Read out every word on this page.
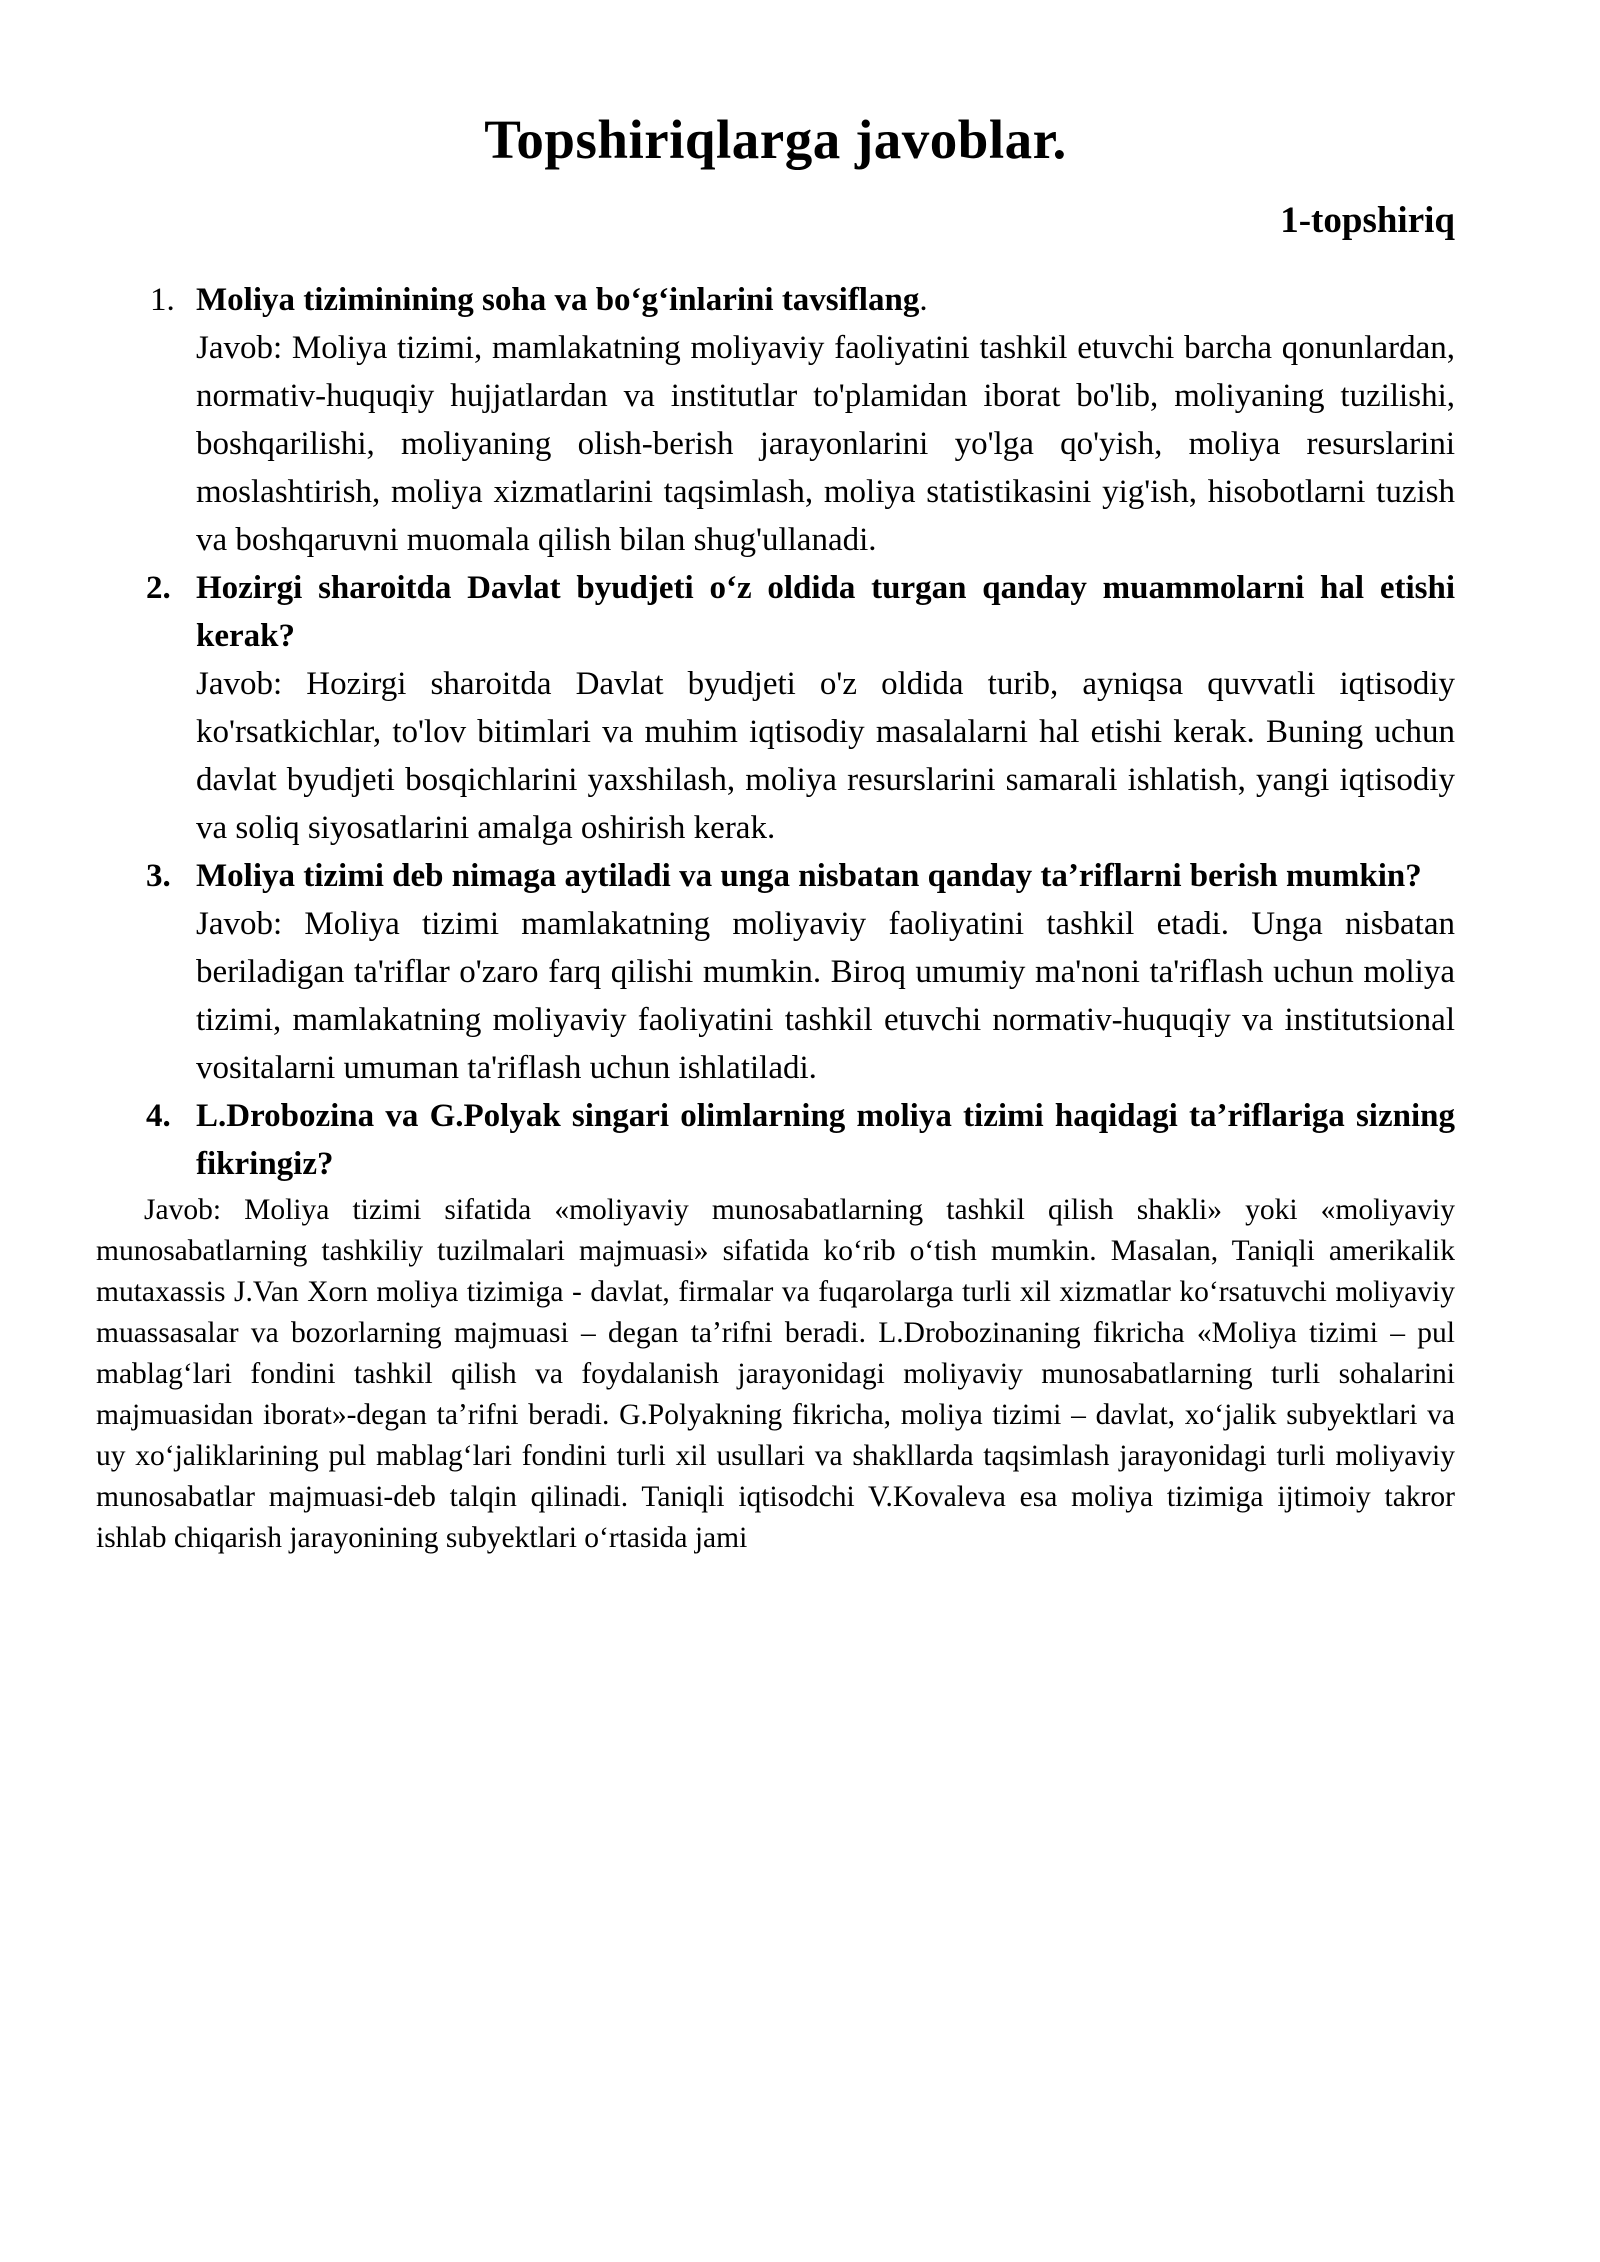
Topshiriqlarga javoblar.
1-topshiriq
1. Moliya tiziminining soha va boʻgʻinlarini tavsiflang.

Javob: Moliya tizimi, mamlakatning moliyaviy faoliyatini tashkil etuvchi barcha qonunlardan, normativ-huquqiy hujjatlardan va institutlar to'plamidan iborat bo'lib, moliyaning tuzilishi, boshqarilishi, moliyaning olish-berish jarayonlarini yo'lga qo'yish, moliya resurslarini moslashtirish, moliya xizmatlarini taqsimlash, moliya statistikasini yig'ish, hisobotlarni tuzish va boshqaruvni muomala qilish bilan shug'ullanadi.

2. Hozirgi sharoitda Davlat byudjeti oʻz oldida turgan qanday muammolarni hal etishi kerak?

Javob: Hozirgi sharoitda Davlat byudjeti o'z oldida turib, ayniqsa quvvatli iqtisodiy ko'rsatkichlar, to'lov bitimlari va muhim iqtisodiy masalalarni hal etishi kerak. Buning uchun davlat byudjeti bosqichlarini yaxshilash, moliya resurslarini samarali ishlatish, yangi iqtisodiy va soliq siyosatlarini amalga oshirish kerak.

3. Moliya tizimi deb nimaga aytiladi va unga nisbatan qanday taʼriflarni berish mumkin?

Javob: Moliya tizimi mamlakatning moliyaviy faoliyatini tashkil etadi. Unga nisbatan beriladigan ta'riflar o'zaro farq qilishi mumkin. Biroq umumiy ma'noni ta'riflash uchun moliya tizimi, mamlakatning moliyaviy faoliyatini tashkil etuvchi normativ-huquqiy va institutsional vositalarni umuman ta'riflash uchun ishlatiladi.

4. L.Drobozina va G.Polyak singari olimlarning moliya tizimi haqidagi taʼriflariga sizning fikringiz?

Javob: Moliya tizimi sifatida «moliyaviy munosabatlarning tashkil qilish shakli» yoki «moliyaviy munosabatlarning tashkiliy tuzilmalari majmuasi» sifatida koʻrib oʻtish mumkin. Masalan, Taniqli amerikalik mutaxassis J.Van Xorn moliya tizimiga - davlat, firmalar va fuqarolarga turli xil xizmatlar koʻrsatuvchi moliyaviy muassasalar va bozorlarning majmuasi – degan taʼrifni beradi. L.Drobozinaning fikricha «Moliya tizimi – pul mablagʻlari fondini tashkil qilish va foydalanish jarayonidagi moliyaviy munosabatlarning turli sohalarini majmuasidan iborat»-degan taʼrifni beradi. G.Polyakning fikricha, moliya tizimi – davlat, xoʻjalik subyektlari va uy xoʻjaliklarining pul mablagʻlari fondini turli xil usullari va shakllarda taqsimlash jarayonidagi turli moliyaviy munosabatlar majmuasi-deb talqin qilinadi. Taniqli iqtisodchi V.Kovaleva esa moliya tizimiga ijtimoiy takror ishlab chiqarish jarayonining subyektlari oʻrtasida jami
